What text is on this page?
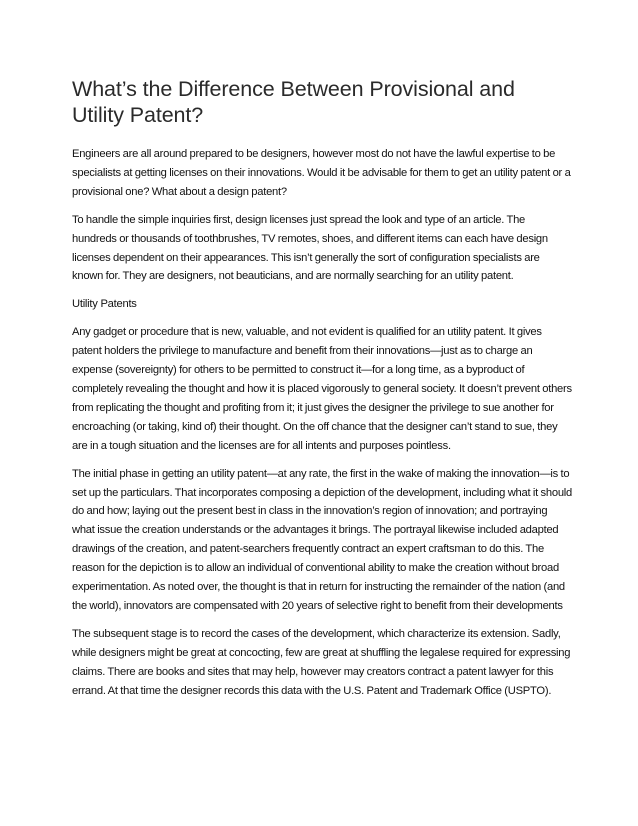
What’s the Difference Between Provisional and Utility Patent?

Engineers are all around prepared to be designers, however most do not have the lawful expertise to be specialists at getting licenses on their innovations. Would it be advisable for them to get an utility patent or a provisional one? What about a design patent?

To handle the simple inquiries first, design licenses just spread the look and type of an article. The hundreds or thousands of toothbrushes, TV remotes, shoes, and different items can each have design licenses dependent on their appearances. This isn’t generally the sort of configuration specialists are known for. They are designers, not beauticians, and are normally searching for an utility patent.

Utility Patents

Any gadget or procedure that is new, valuable, and not evident is qualified for an utility patent. It gives patent holders the privilege to manufacture and benefit from their innovations—just as to charge an expense (sovereignty) for others to be permitted to construct it—for a long time, as a byproduct of completely revealing the thought and how it is placed vigorously to general society. It doesn’t prevent others from replicating the thought and profiting from it; it just gives the designer the privilege to sue another for encroaching (or taking, kind of) their thought. On the off chance that the designer can’t stand to sue, they are in a tough situation and the licenses are for all intents and purposes pointless.

The initial phase in getting an utility patent—at any rate, the first in the wake of making the innovation—is to set up the particulars. That incorporates composing a depiction of the development, including what it should do and how; laying out the present best in class in the innovation’s region of innovation; and portraying what issue the creation understands or the advantages it brings. The portrayal likewise included adapted drawings of the creation, and patent-searchers frequently contract an expert craftsman to do this. The reason for the depiction is to allow an individual of conventional ability to make the creation without broad experimentation. As noted over, the thought is that in return for instructing the remainder of the nation (and the world), innovators are compensated with 20 years of selective right to benefit from their developments

The subsequent stage is to record the cases of the development, which characterize its extension. Sadly, while designers might be great at concocting, few are great at shuffling the legalese required for expressing claims. There are books and sites that may help, however may creators contract a patent lawyer for this errand. At that time the designer records this data with the U.S. Patent and Trademark Office (USPTO).
